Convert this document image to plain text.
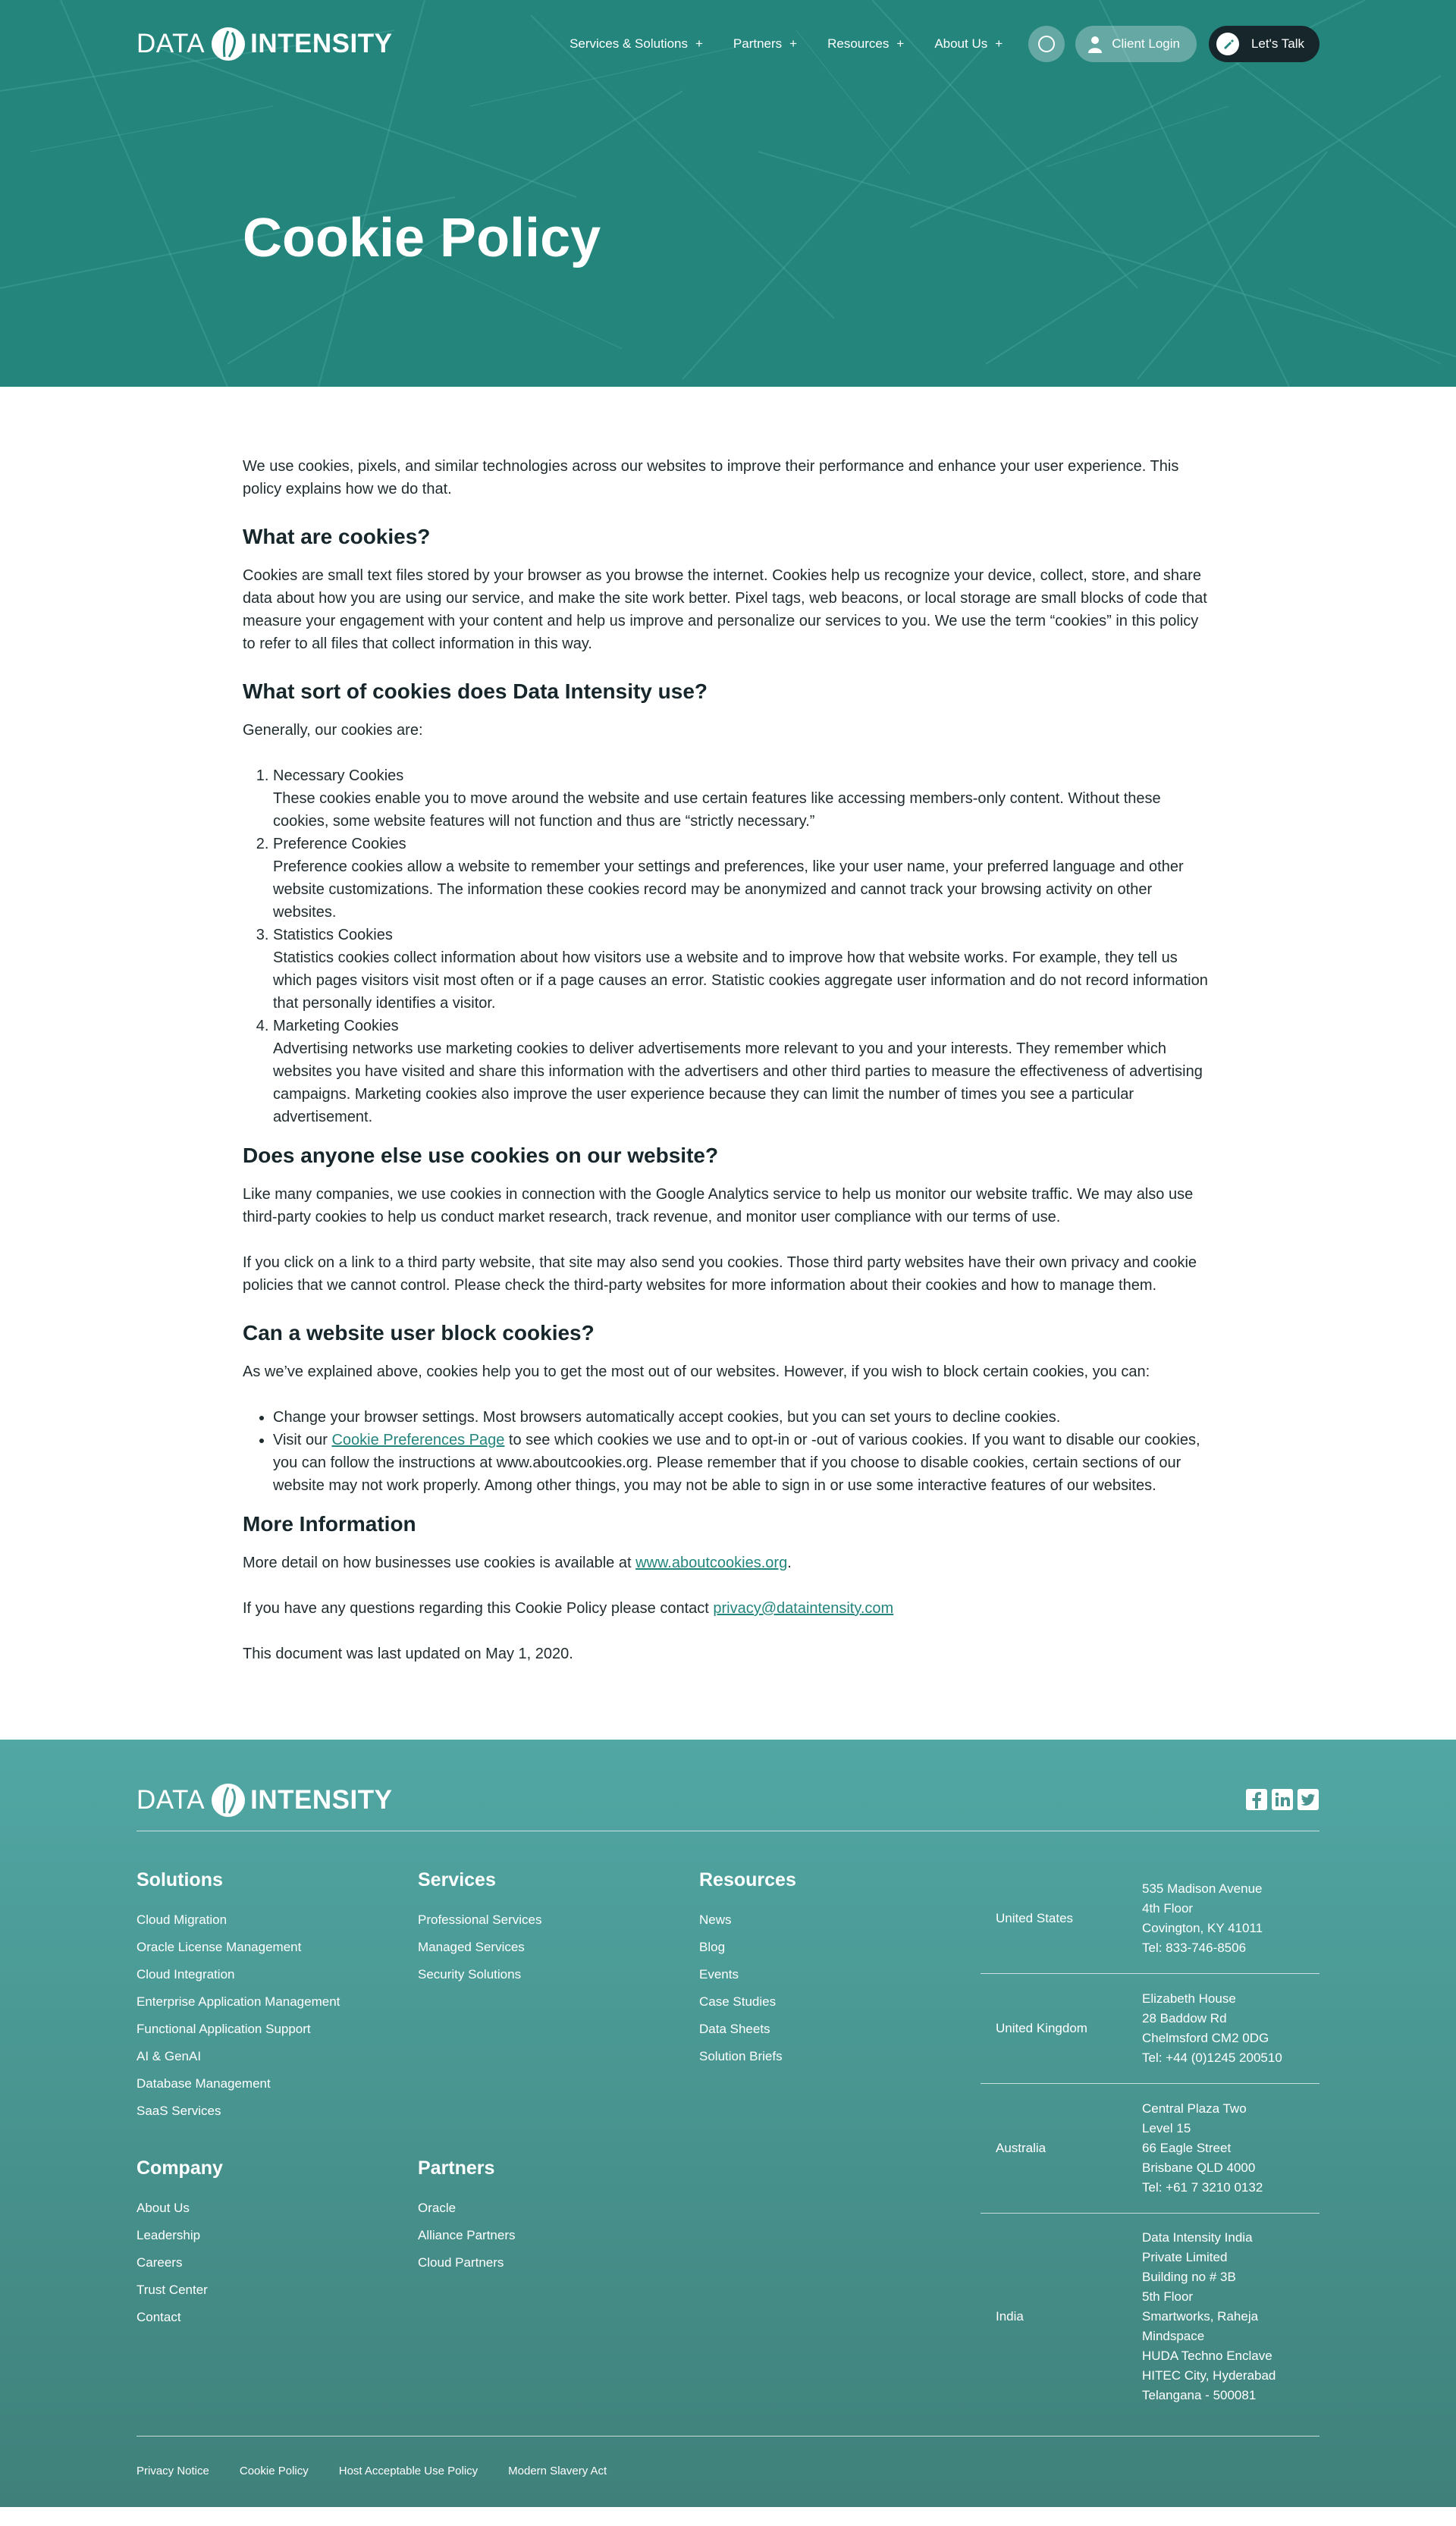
DATA INTENSITY	Services & Solutions + Partners + Resources + About Us +	Client Login	Let's Talk
Cookie Policy

We use cookies, pixels, and similar technologies across our websites to improve their performance and enhance your user experience. This policy explains how we do that.

What are cookies?

Cookies are small text files stored by your browser as you browse the internet. Cookies help us recognize your device, collect, store, and share data about how you are using our service, and make the site work better. Pixel tags, web beacons, or local storage are small blocks of code that measure your engagement with your content and help us improve and personalize our services to you. We use the term “cookies” in this policy to refer to all files that collect information in this way.

What sort of cookies does Data Intensity use?

Generally, our cookies are:

1. Necessary Cookies
These cookies enable you to move around the website and use certain features like accessing members-only content. Without these cookies, some website features will not function and thus are “strictly necessary.”
2. Preference Cookies
Preference cookies allow a website to remember your settings and preferences, like your user name, your preferred language and other website customizations. The information these cookies record may be anonymized and cannot track your browsing activity on other websites.
3. Statistics Cookies
Statistics cookies collect information about how visitors use a website and to improve how that website works. For example, they tell us which pages visitors visit most often or if a page causes an error. Statistic cookies aggregate user information and do not record information that personally identifies a visitor.
4. Marketing Cookies
Advertising networks use marketing cookies to deliver advertisements more relevant to you and your interests. They remember which websites you have visited and share this information with the advertisers and other third parties to measure the effectiveness of advertising campaigns. Marketing cookies also improve the user experience because they can limit the number of times you see a particular advertisement.
Does anyone else use cookies on our website?

Like many companies, we use cookies in connection with the Google Analytics service to help us monitor our website traffic. We may also use third-party cookies to help us conduct market research, track revenue, and monitor user compliance with our terms of use.

If you click on a link to a third party website, that site may also send you cookies. Those third party websites have their own privacy and cookie policies that we cannot control. Please check the third-party websites for more information about their cookies and how to manage them.

Can a website user block cookies?

As we’ve explained above, cookies help you to get the most out of our websites. However, if you wish to block certain cookies, you can:

• Change your browser settings. Most browsers automatically accept cookies, but you can set yours to decline cookies.
• Visit our Cookie Preferences Page to see which cookies we use and to opt-in or -out of various cookies. If you want to disable our cookies, you can follow the instructions at www.aboutcookies.org. Please remember that if you choose to disable cookies, certain sections of our website may not work properly. Among other things, you may not be able to sign in or use some interactive features of our websites.
More Information

More detail on how businesses use cookies is available at www.aboutcookies.org.

If you have any questions regarding this Cookie Policy please contact privacy@dataintensity.com

This document was last updated on May 1, 2020.

DATA INTENSITY
Solutions
Cloud Migration
Oracle License Management
Cloud Integration
Enterprise Application Management
Functional Application Support
AI & GenAI
Database Management
SaaS Services
Services
Professional Services
Managed Services
Security Solutions
Resources
News
Blog
Events
Case Studies
Data Sheets
Solution Briefs
Company
About Us
Leadership
Careers
Trust Center
Contact
Partners
Oracle
Alliance Partners
Cloud Partners
United States
535 Madison Avenue
4th Floor
Covington, KY 41011
Tel: 833-746-8506
United Kingdom
Elizabeth House
28 Baddow Rd
Chelmsford CM2 0DG
Tel: +44 (0)1245 200510
Australia
Central Plaza Two
Level 15
66 Eagle Street
Brisbane QLD 4000
Tel: +61 7 3210 0132
India
Data Intensity India
Private Limited
Building no # 3B
5th Floor
Smartworks, Raheja
Mindspace
HUDA Techno Enclave
HITEC City, Hyderabad
Telangana - 500081
Privacy Notice	Cookie Policy	Host Acceptable Use Policy	Modern Slavery Act
